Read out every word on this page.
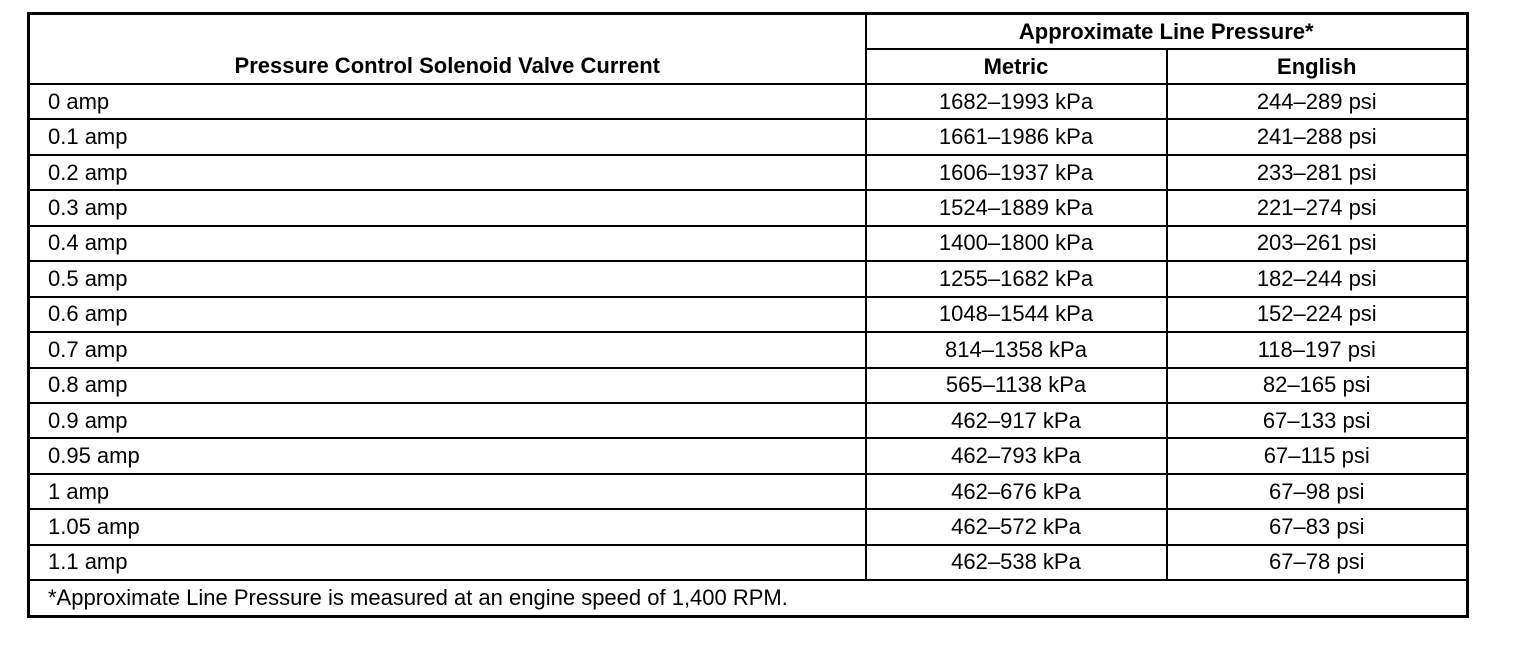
Pressure Control Solenoid Valve Current	Approximate Line Pressure*	
	Metric	English
0 amp	1682–1993 kPa	244–289 psi
0.1 amp	1661–1986 kPa	241–288 psi
0.2 amp	1606–1937 kPa	233–281 psi
0.3 amp	1524–1889 kPa	221–274 psi
0.4 amp	1400–1800 kPa	203–261 psi
0.5 amp	1255–1682 kPa	182–244 psi
0.6 amp	1048–1544 kPa	152–224 psi
0.7 amp	814–1358 kPa	118–197 psi
0.8 amp	565–1138 kPa	82–165 psi
0.9 amp	462–917 kPa	67–133 psi
0.95 amp	462–793 kPa	67–115 psi
1 amp	462–676 kPa	67–98 psi
1.05 amp	462–572 kPa	67–83 psi
1.1 amp	462–538 kPa	67–78 psi
*Approximate Line Pressure is measured at an engine speed of 1,400 RPM.		
